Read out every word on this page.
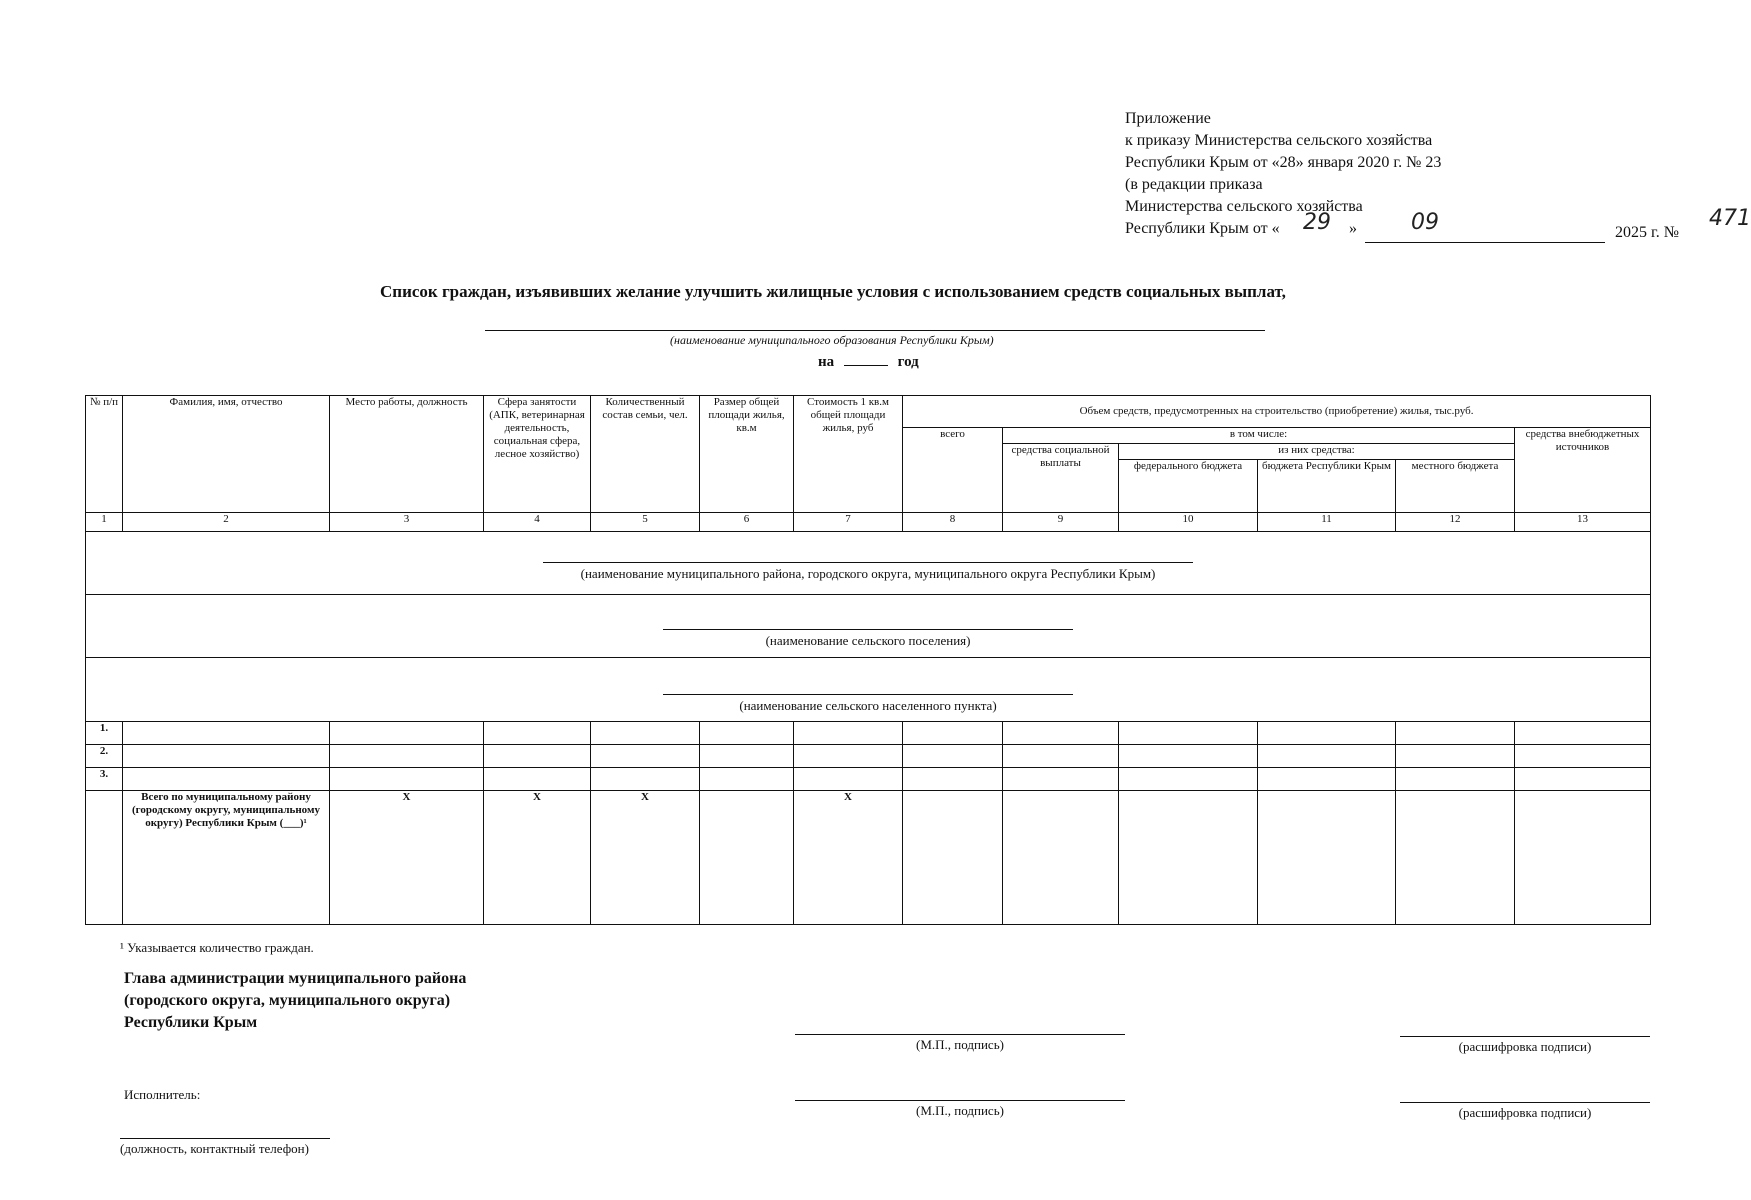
Приложение
к приказу Министерства сельского хозяйства
Республики Крым от «28» января 2020 г. № 23
(в редакции приказа
Министерства сельского хозяйства
Республики Крым от « 29 » 09	2025 г. №
471
Список граждан, изъявивших желание улучшить жилищные условия с использованием средств социальных выплат,
(наименование муниципального образования Республики Крым)
на	год
№ п/п	Фамилия, имя, отчество	Место работы, должность	Сфера занятости (АПК, ветеринарная деятельность, социальная сфера, лесное хозяйство)	Количественный состав семьи, чел.	Размер общей площади жилья, кв.м	Стоимость 1 кв.м общей площади жилья, руб	Объем средств, предусмотренных на строительство (приобретение) жилья, тыс.руб.					
							всего	в том числе:				средства внебюджетных источников
								средства социальной выплаты	из них средства:			
									федерального бюджета	бюджета Республики Крым	местного бюджета	
1	2	3	4	5	6	7	8	9	10	11	12	13

(наименование муниципального района, городского округа, муниципального округа Республики Крым)												

(наименование сельского поселения)												

(наименование сельского населенного пункта)												

1.												
2.												
3.												
	Всего по муниципальному району (городскому округу, муниципальному округу) Республики Крым (___)¹	Х	Х	Х		Х						
¹ Указывается количество граждан.
Глава администрации муниципального района
(городского округа, муниципального округа)
Республики Крым
(М.П., подпись)	(расшифровка подписи)
Исполнитель:
(М.П., подпись)	(расшифровка подписи)
(должность, контактный телефон)
